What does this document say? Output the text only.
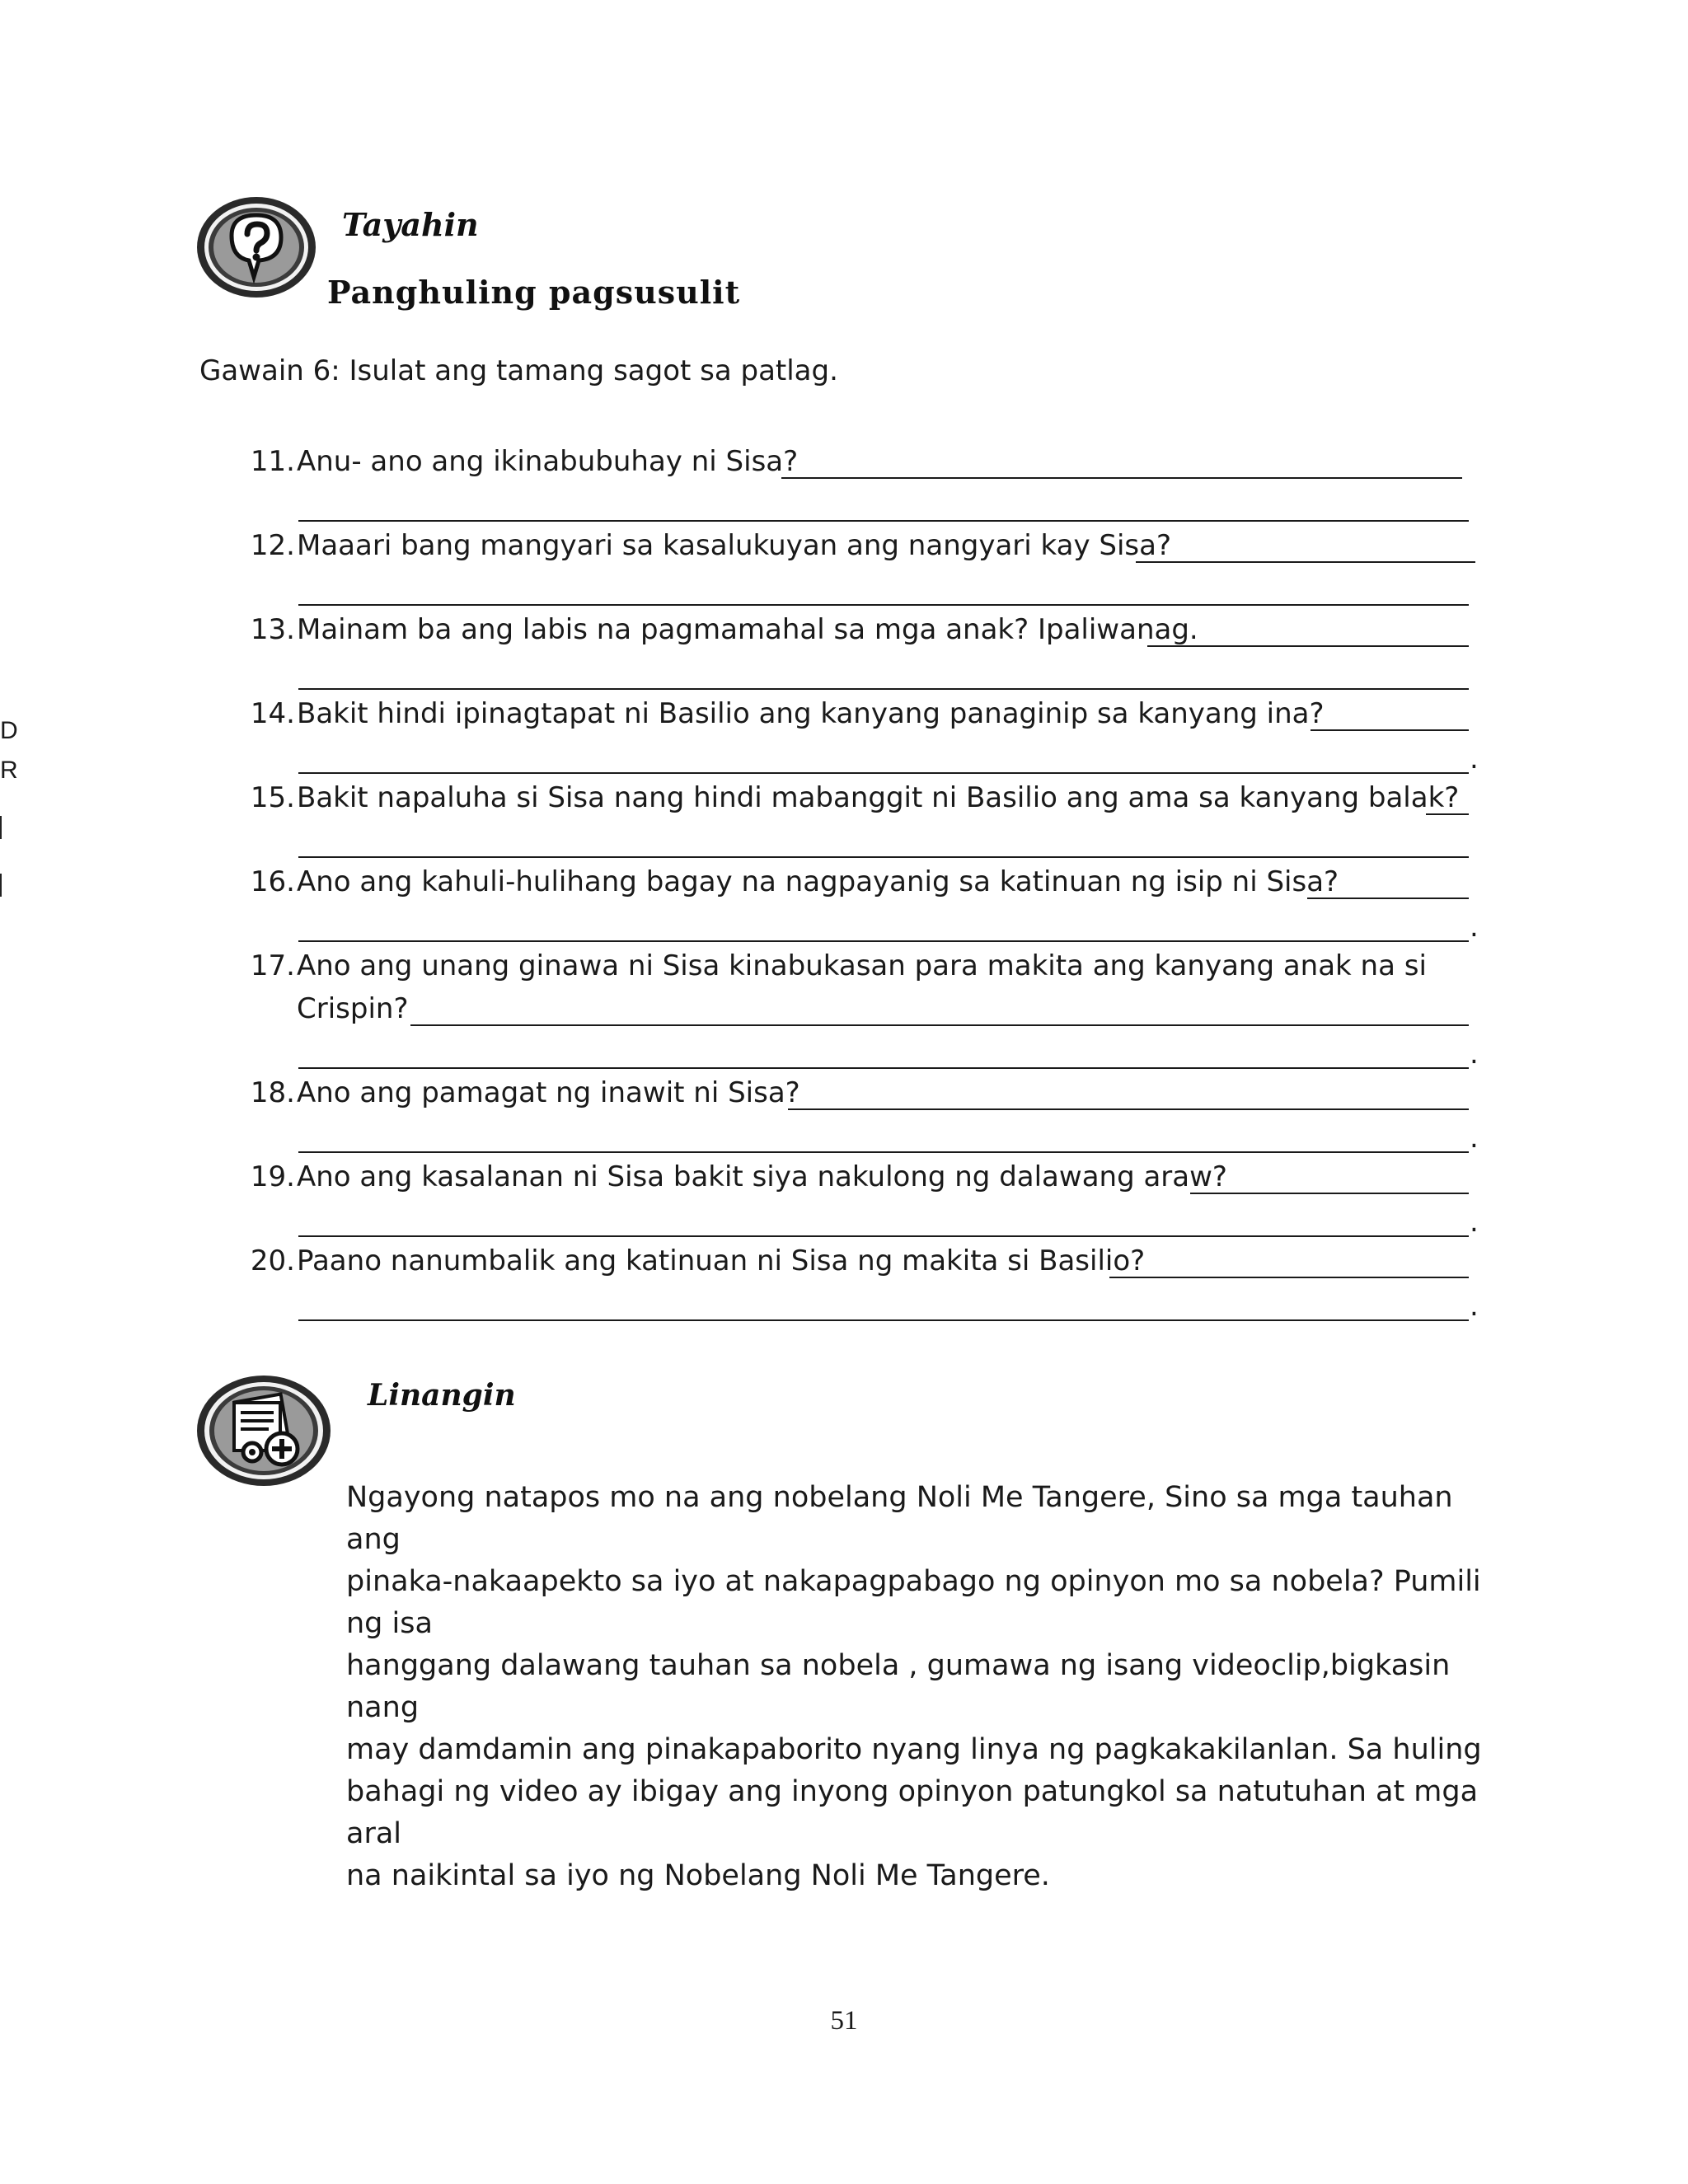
Tayahin
Panghuling pagsusulit
Gawain 6: Isulat ang tamang sagot sa patlag.
11. Anu- ano ang ikinabubuhay ni Sisa?
12. Maaari bang mangyari sa kasalukuyan ang nangyari kay Sisa?
13. Mainam ba ang labis na pagmamahal sa mga anak? Ipaliwanag.
14. Bakit hindi ipinagtapat ni Basilio ang kanyang panaginip sa kanyang ina?
.
15. Bakit napaluha si Sisa nang hindi mabanggit ni Basilio ang ama sa kanyang balak?
16. Ano ang kahuli-hulihang bagay na nagpayanig sa katinuan ng isip ni Sisa?
.
17. Ano ang unang ginawa ni Sisa kinabukasan para makita ang kanyang anak na si
Crispin?
.
18. Ano ang pamagat ng inawit ni Sisa?
.
19. Ano ang kasalanan ni Sisa bakit siya nakulong ng dalawang araw?
.
20. Paano nanumbalik ang katinuan ni Sisa ng makita si Basilio?
.
Linangin
Ngayong natapos mo na ang nobelang Noli Me Tangere, Sino sa mga tauhan ang
pinaka-nakaapekto sa iyo at nakapagpabago ng opinyon mo sa nobela? Pumili ng isa
hanggang dalawang tauhan sa nobela , gumawa ng isang videoclip,bigkasin nang
may damdamin ang pinakapaborito nyang linya ng pagkakakilanlan. Sa huling
bahagi ng video ay ibigay ang inyong opinyon patungkol sa natutuhan at mga aral
na naikintal sa iyo ng Nobelang Noli Me Tangere.
D
R
51
